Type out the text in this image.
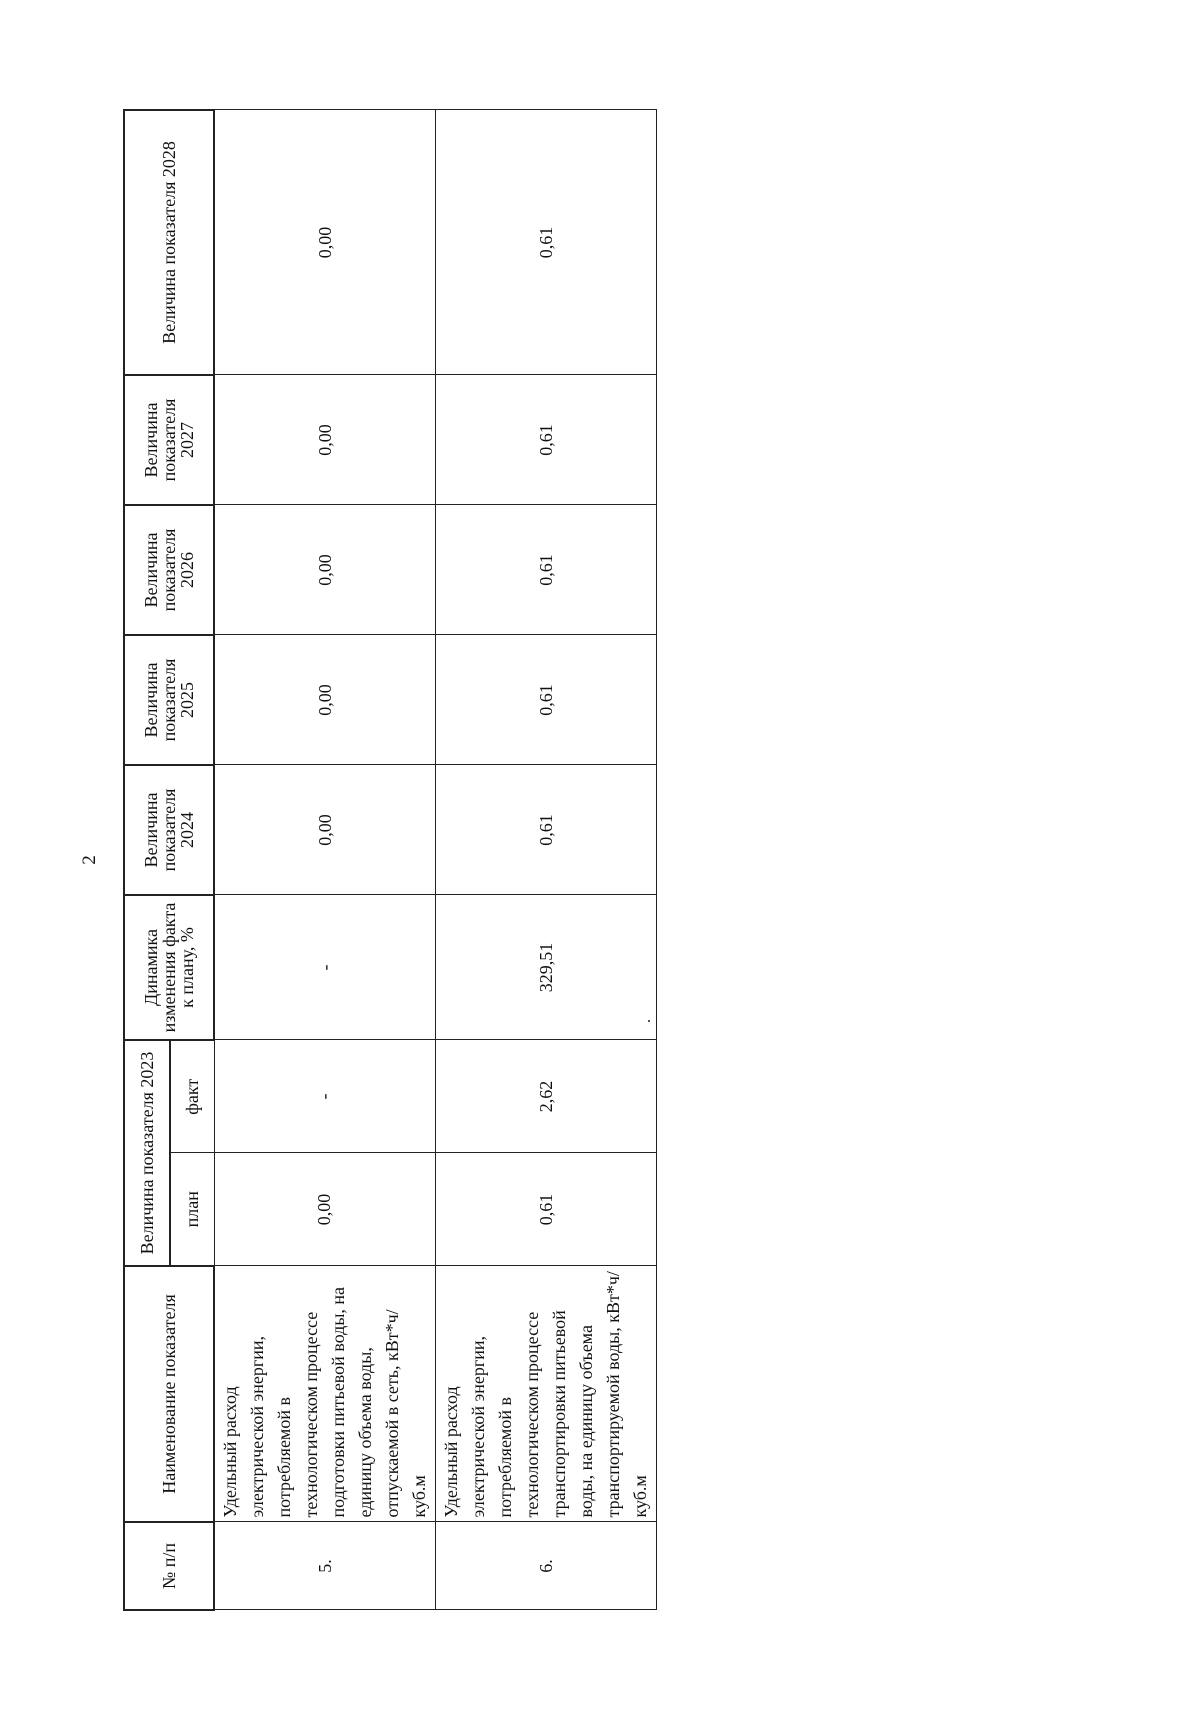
2
№ п/п	Наименование показателя	Величина показателя 2023		Динамика изменения факта к плану, %	Величина показателя 2024	Величина показателя 2025	Величина показателя 2026	Величина показателя 2027	Величина показателя 2028
		план	факт						
5.	Удельный расход электрической энергии, потребляемой в технологическом процессе подготовки питьевой воды, на единицу объема воды, отпускаемой в сеть, кВт*ч/куб.м	0,00	-	-	0,00	0,00	0,00	0,00	0,00
6.	Удельный расход электрической энергии, потребляемой в технологическом процессе транспортировки питьевой воды, на единицу объема транспортируемой воды, кВт*ч/куб.м	0,61	2,62	329,51	0,61	0,61	0,61	0,61	0,61
